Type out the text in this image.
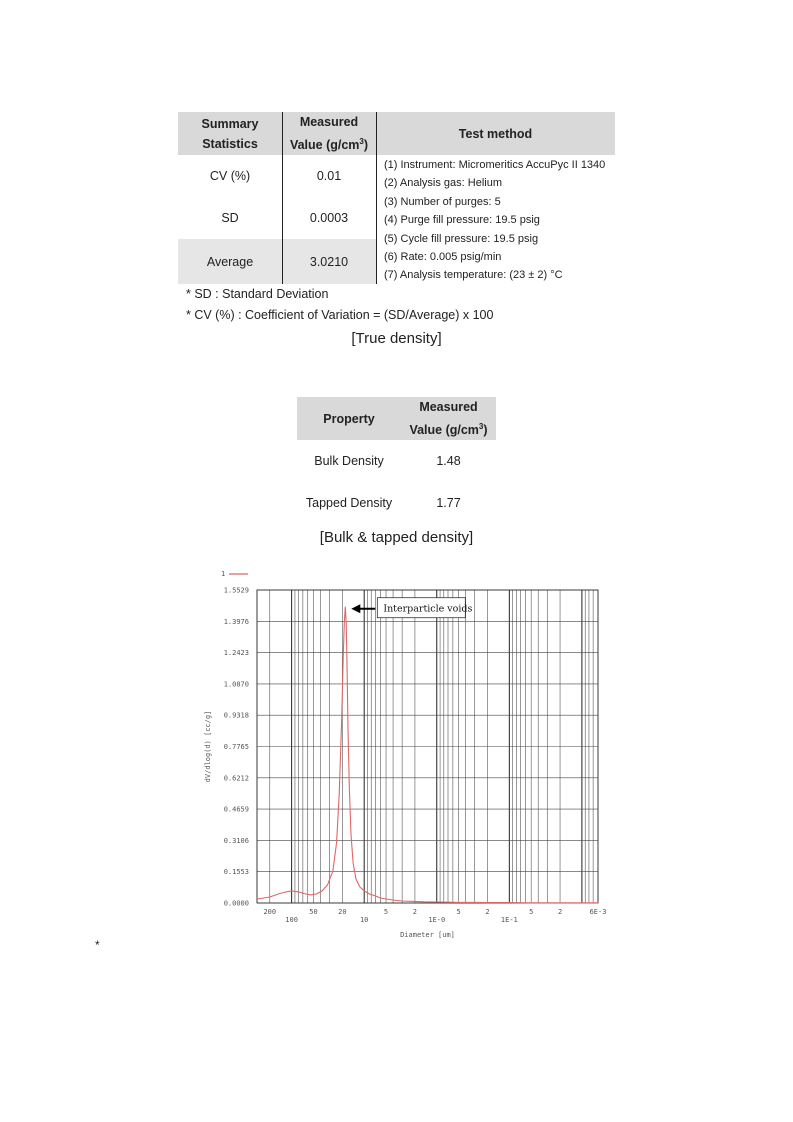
Summary
Statistics
Measured
Value $(g/cm^3)$
Test method
CV (%)	0.01
SD	0.0003
Average	3.0210
(1) Instrument: Micromeritics AccuPyc II 1340
(2) Analysis gas: Helium
(3) Number of purges: 5
(4) Purge fill pressure: 19.5 psig
(5) Cycle fill pressure: 19.5 psig
(6) Rate: 0.005 psig/min
(7) Analysis temperature: (23 ± 2) °C
* SD : Standard Deviation
* CV (%) : Coefficient of Variation = (SD/Average) x 100
[True density]
Property
Measured
Value $(g/cm^3)$
Bulk Density	1.48
Tapped Density	1.77
[Bulk & tapped density]
1
0.0000
0.1553
0.3106
0.4659
0.6212
0.7765
0.9318
1.0870
1.2423
1.3976
1.5529
200	50	20	5	2	5	2	5	2	6E-3
100	10	1E-0	1E-1
Interparticle voids
Diameter [um]
dV/dlog(d) [cc/g]
*
